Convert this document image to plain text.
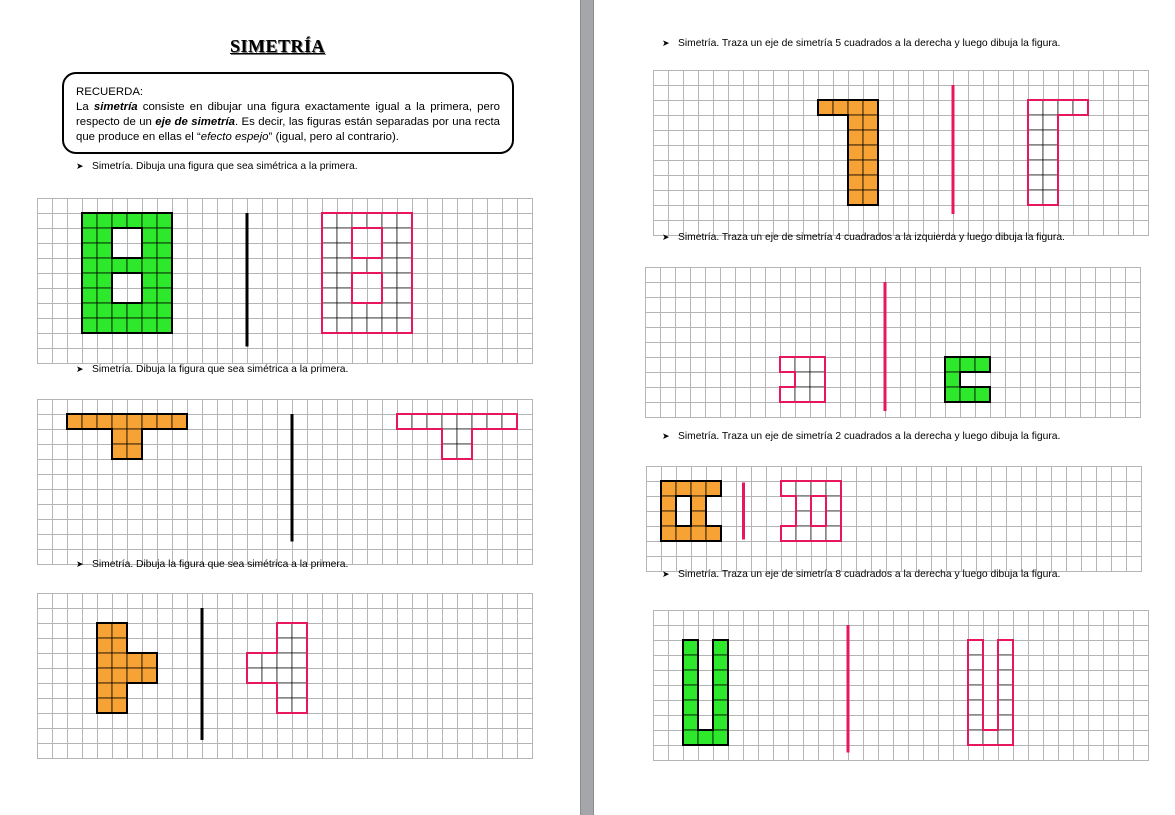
SIMETRÍA
RECUERDA:

La simetría consiste en dibujar una figura exactamente igual a la primera, pero respecto de un eje de simetría. Es decir, las figuras están separadas por una recta que produce en ellas el “efecto espejo” (igual, pero al contrario).

➤ Simetría. Dibuja una figura que sea simétrica a la primera.
➤ Simetría. Dibuja la figura que sea simétrica a la primera.
➤ Simetría. Dibuja la figura que sea simétrica a la primera.
➤ Simetría. Traza un eje de simetría 5 cuadrados a la derecha y luego dibuja la figura.
➤ Simetría. Traza un eje de simetría 4 cuadrados a la izquierda y luego dibuja la figura.
➤ Simetría. Traza un eje de simetría 2 cuadrados a la derecha y luego dibuja la figura.
➤ Simetría. Traza un eje de simetría 8 cuadrados a la derecha y luego dibuja la figura.
